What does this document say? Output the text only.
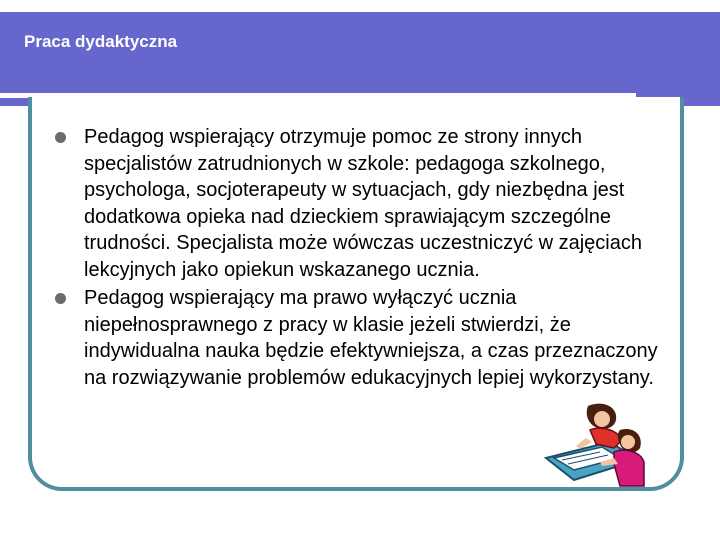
Praca dydaktyczna
Pedagog wspierający otrzymuje pomoc ze strony innych specjalistów zatrudnionych w szkole: pedagoga szkolnego, psychologa, socjoterapeuty w sytuacjach, gdy niezbędna jest dodatkowa opieka nad dzieckiem sprawiającym szczególne trudności. Specjalista może wówczas uczestniczyć w zajęciach lekcyjnych jako opiekun wskazanego ucznia.
Pedagog wspierający ma prawo wyłączyć ucznia niepełnosprawnego z pracy w klasie jeżeli stwierdzi, że indywidualna nauka będzie efektywniejsza, a czas przeznaczony na rozwiązywanie problemów edukacyjnych lepiej wykorzystany.
